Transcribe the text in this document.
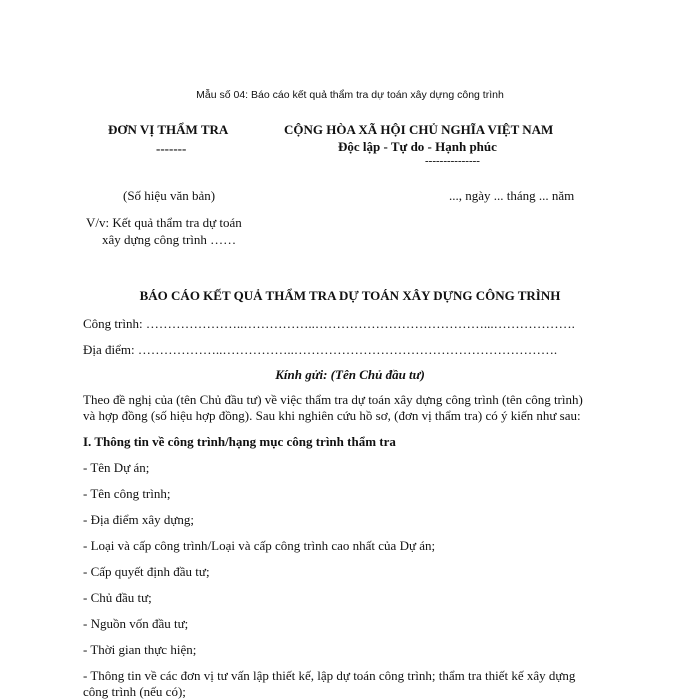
Mẫu số 04: Báo cáo kết quả thẩm tra dự toán xây dựng công trình
ĐƠN VỊ THẨM TRA
-------
CỘNG HÒA XÃ HỘI CHỦ NGHĨA VIỆT NAM
Độc lập - Tự do - Hạnh phúc
---------------
(Số hiệu văn bản)	..., ngày ... tháng ... năm
V/v: Kết quả thẩm tra dự toán
xây dựng công trình ……
BÁO CÁO KẾT QUẢ THẨM TRA DỰ TOÁN XÂY DỰNG CÔNG TRÌNH
Công trình: …………………..……………..…………………………………...……………….
Địa điểm: ………………..……………..…………………………………………………….
Kính gửi: (Tên Chủ đầu tư)
Theo đề nghị của (tên Chủ đầu tư) về việc thẩm tra dự toán xây dựng công trình (tên công trình)
và hợp đồng (số hiệu hợp đồng). Sau khi nghiên cứu hồ sơ, (đơn vị thẩm tra) có ý kiến như sau:
I. Thông tin về công trình/hạng mục công trình thẩm tra
- Tên Dự án;
- Tên công trình;
- Địa điểm xây dựng;
- Loại và cấp công trình/Loại và cấp công trình cao nhất của Dự án;
- Cấp quyết định đầu tư;
- Chủ đầu tư;
- Nguồn vốn đầu tư;
- Thời gian thực hiện;
- Thông tin về các đơn vị tư vấn lập thiết kế, lập dự toán công trình; thẩm tra thiết kế xây dựng
công trình (nếu có);
